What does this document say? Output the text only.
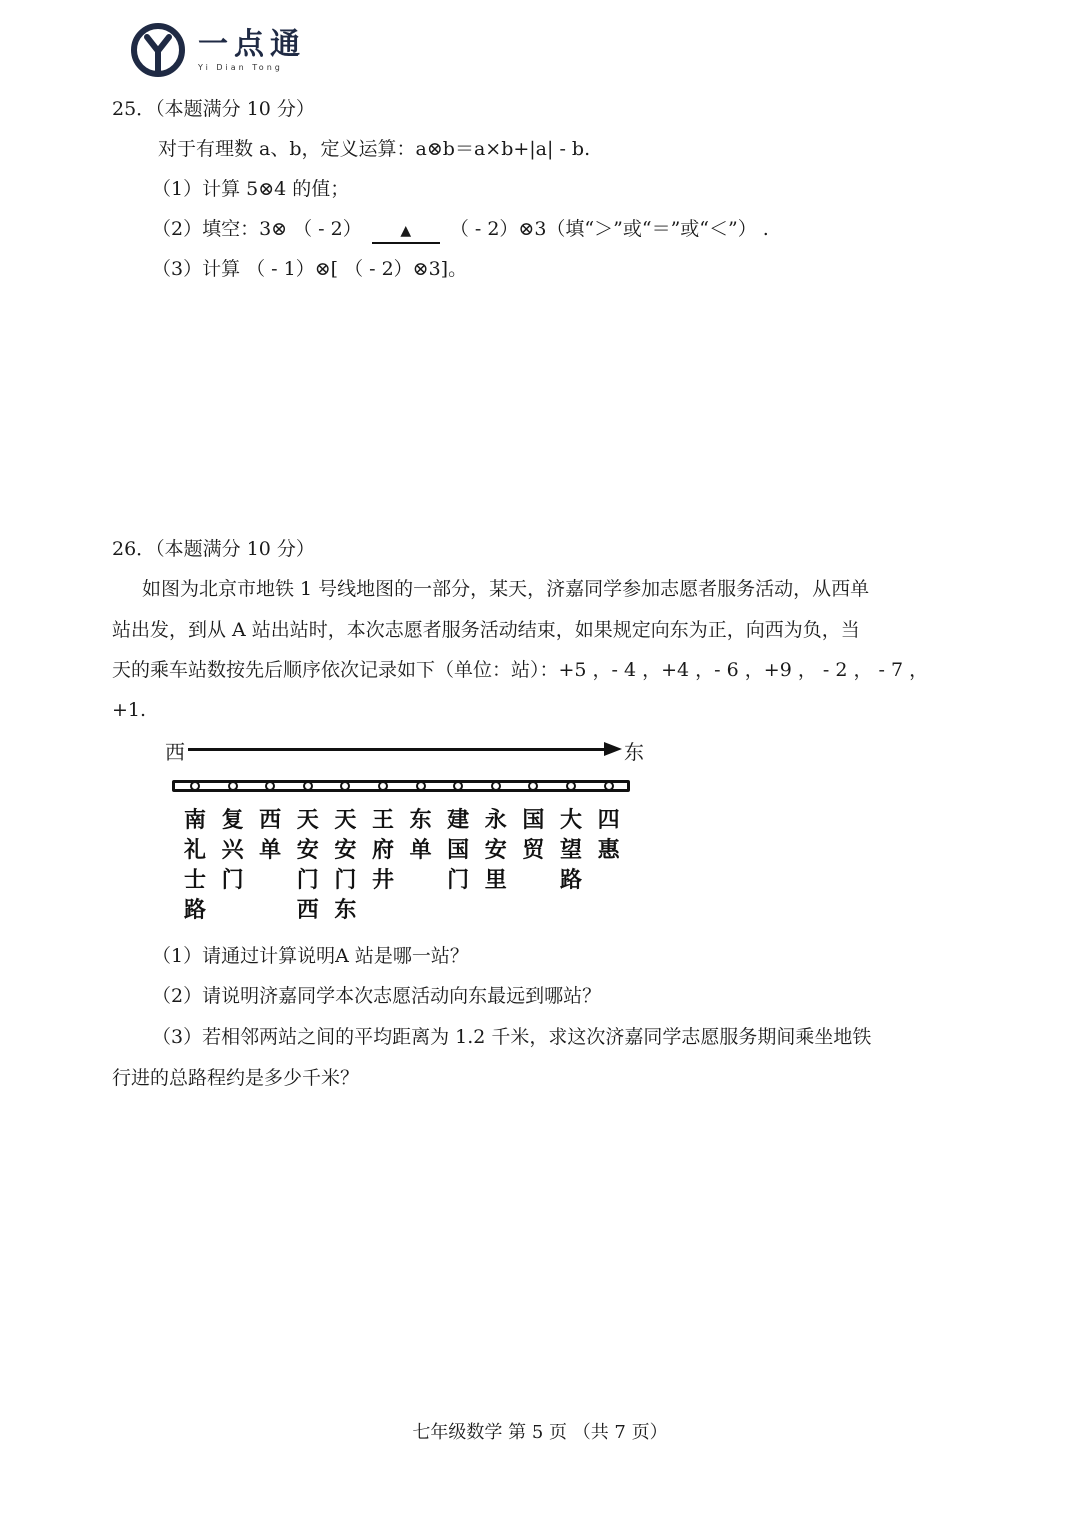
一点通
Yi Dian Tong
25．（本题满分 10 分）
对于有理数 a、b，定义运算：a⊗b＝a×b+|a| - b.
（1）计算 5⊗4 的值；
（2）填空：3⊗ （ - 2）	▲ （ - 2）⊗3（填“＞”或“＝”或“＜”） .
（3）计算 （ - 1）⊗[ （ - 2）⊗3]。
26．（本题满分 10 分）
如图为北京市地铁 1 号线地图的一部分，某天，济嘉同学参加志愿者服务活动，从西单
站出发，到从 A 站出站时，本次志愿者服务活动结束，如果规定向东为正，向西为负，当
天的乘车站数按先后顺序依次记录如下（单位：站）：+5 ，- 4 ，+4 ，- 6 ，+9 ， - 2 ， - 7 ，
+1.
西	东
南
礼
士
路
复
兴
门
西
单
天
安
门
西
天
安
门
东
王
府
井
东
单
建
国
门
永
安
里
国
贸
大
望
路
四
惠
（1）请通过计算说明A 站是哪一站？
（2）请说明济嘉同学本次志愿活动向东最远到哪站？
（3）若相邻两站之间的平均距离为 1.2 千米，求这次济嘉同学志愿服务期间乘坐地铁
行进的总路程约是多少千米？
七年级数学 第 5 页 （共 7 页）
